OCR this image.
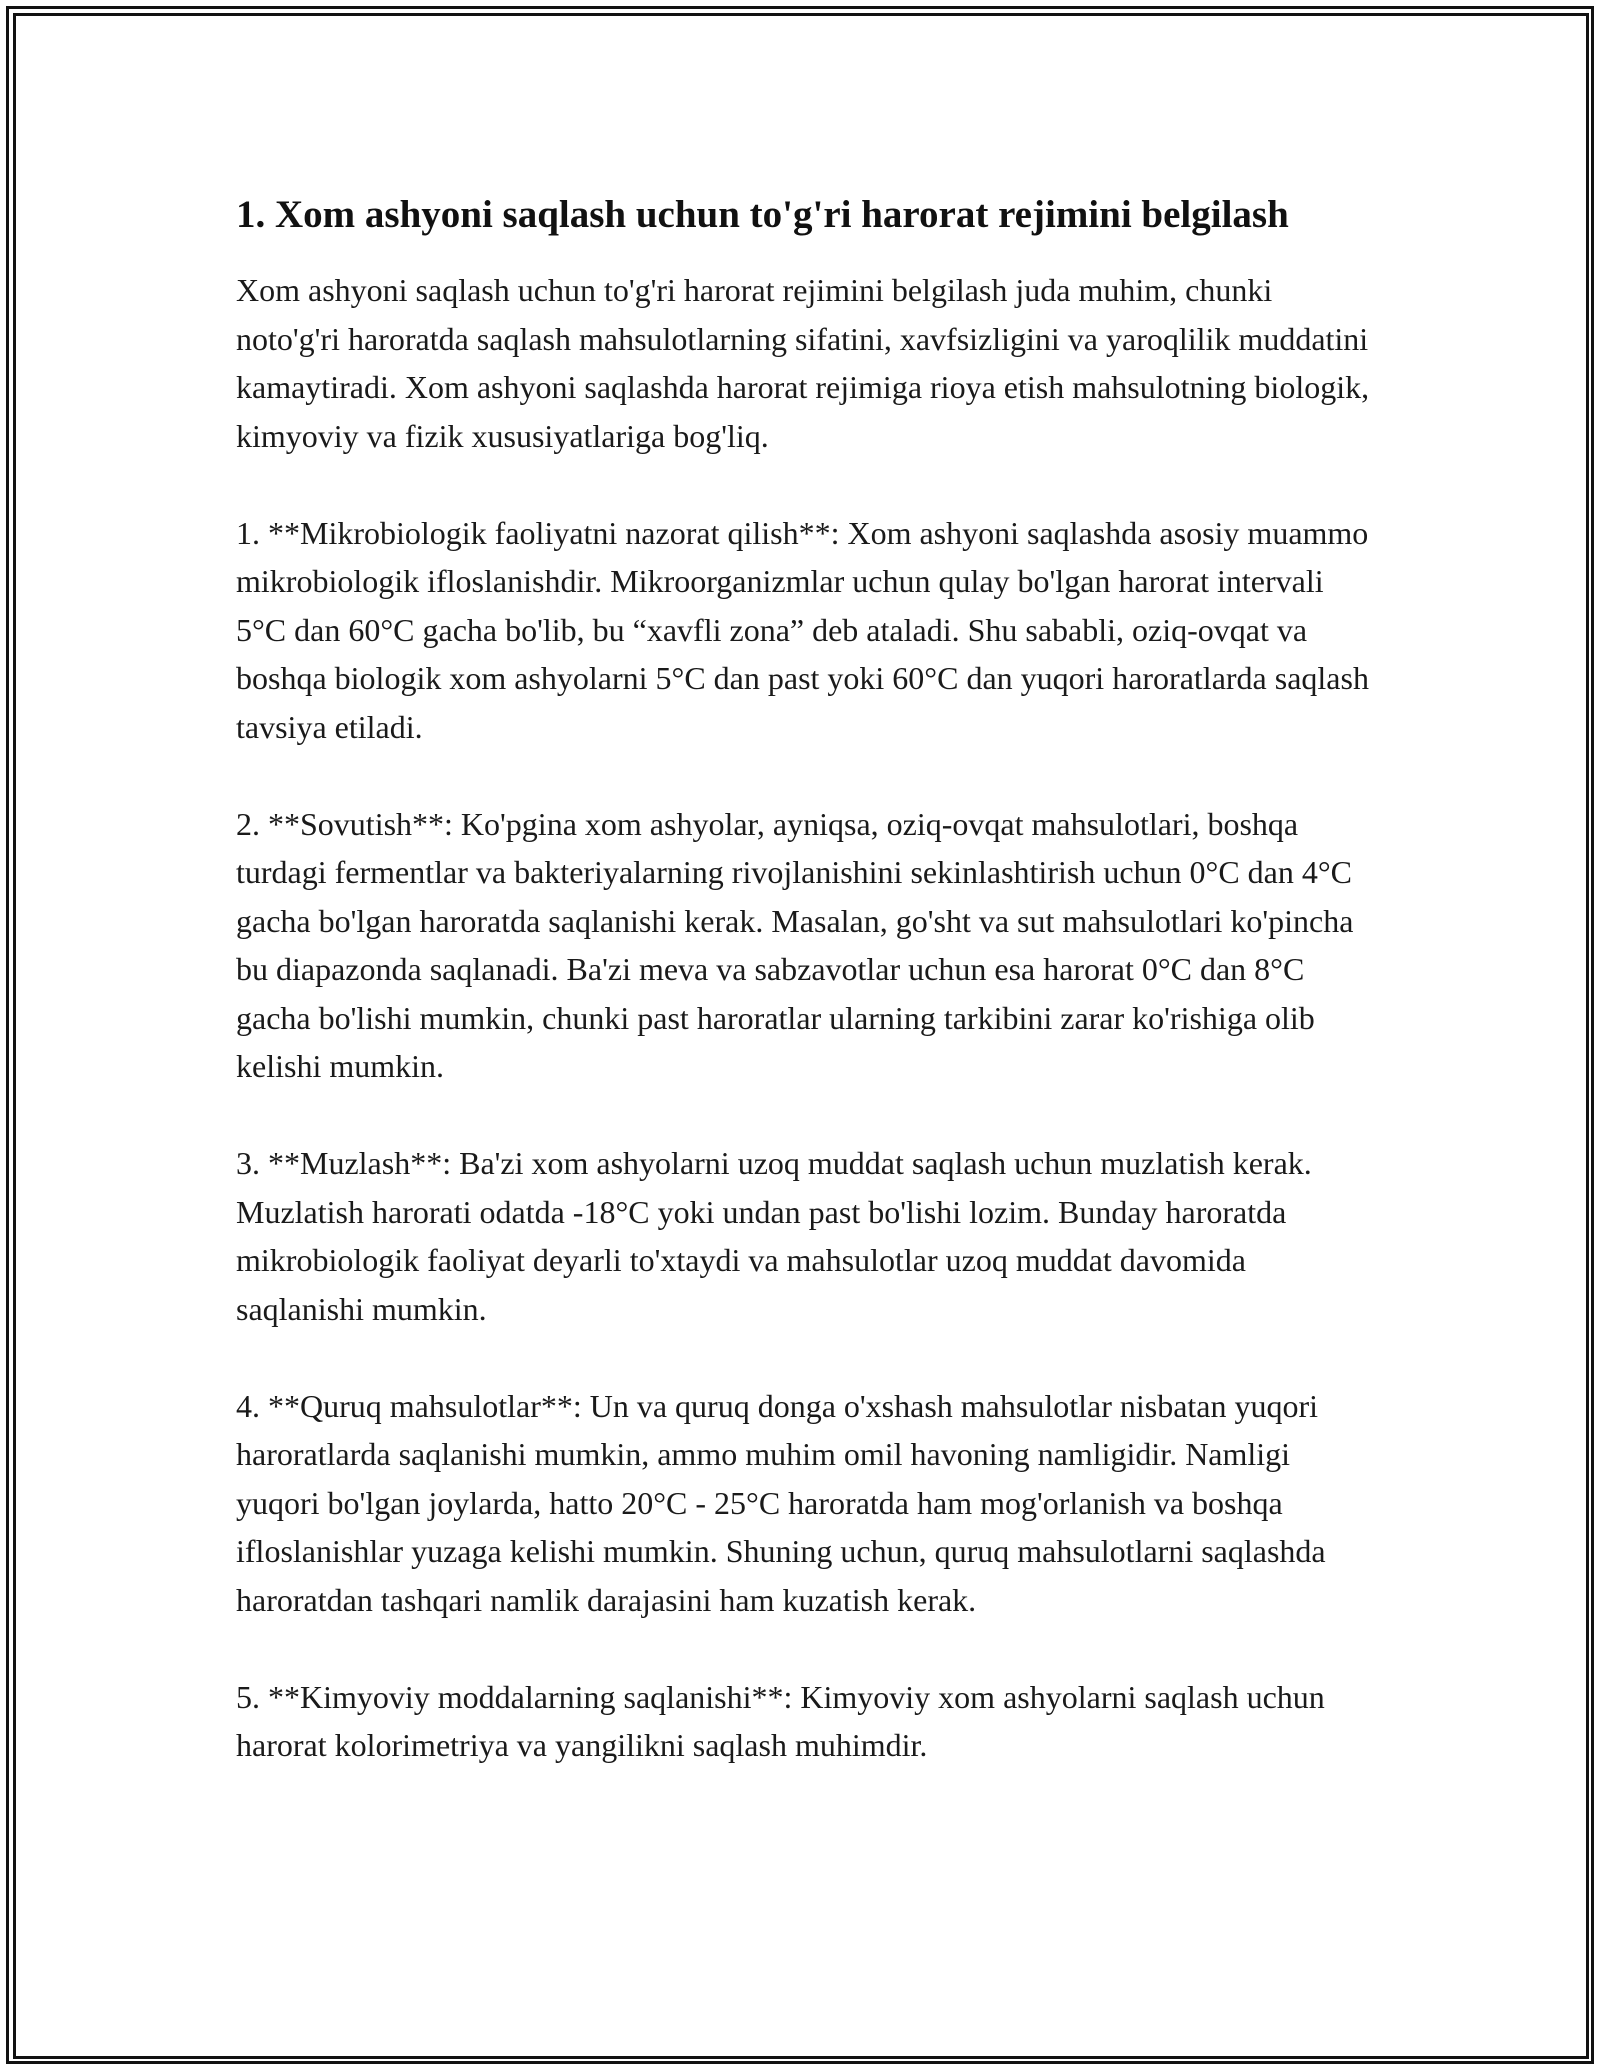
1. Xom ashyoni saqlash uchun to'g'ri harorat rejimini belgilash

Xom ashyoni saqlash uchun to'g'ri harorat rejimini belgilash juda muhim, chunki noto'g'ri haroratda saqlash mahsulotlarning sifatini, xavfsizligini va yaroqlilik muddatini kamaytiradi. Xom ashyoni saqlashda harorat rejimiga rioya etish mahsulotning biologik, kimyoviy va fizik xususiyatlariga bog'liq.

1. **Mikrobiologik faoliyatni nazorat qilish**: Xom ashyoni saqlashda asosiy muammo mikrobiologik ifloslanishdir. Mikroorganizmlar uchun qulay bo'lgan harorat intervali 5°C dan 60°C gacha bo'lib, bu “xavfli zona” deb ataladi. Shu sababli, oziq-ovqat va boshqa biologik xom ashyolarni 5°C dan past yoki 60°C dan yuqori haroratlarda saqlash tavsiya etiladi.

2. **Sovutish**: Ko'pgina xom ashyolar, ayniqsa, oziq-ovqat mahsulotlari, boshqa turdagi fermentlar va bakteriyalarning rivojlanishini sekinlashtirish uchun 0°C dan 4°C gacha bo'lgan haroratda saqlanishi kerak. Masalan, go'sht va sut mahsulotlari ko'pincha bu diapazonda saqlanadi. Ba'zi meva va sabzavotlar uchun esa harorat 0°C dan 8°C gacha bo'lishi mumkin, chunki past haroratlar ularning tarkibini zarar ko'rishiga olib kelishi mumkin.

3. **Muzlash**: Ba'zi xom ashyolarni uzoq muddat saqlash uchun muzlatish kerak. Muzlatish harorati odatda -18°C yoki undan past bo'lishi lozim. Bunday haroratda mikrobiologik faoliyat deyarli to'xtaydi va mahsulotlar uzoq muddat davomida saqlanishi mumkin.

4. **Quruq mahsulotlar**: Un va quruq donga o'xshash mahsulotlar nisbatan yuqori haroratlarda saqlanishi mumkin, ammo muhim omil havoning namligidir. Namligi yuqori bo'lgan joylarda, hatto 20°C - 25°C haroratda ham mog'orlanish va boshqa ifloslanishlar yuzaga kelishi mumkin. Shuning uchun, quruq mahsulotlarni saqlashda haroratdan tashqari namlik darajasini ham kuzatish kerak.

5. **Kimyoviy moddalarning saqlanishi**: Kimyoviy xom ashyolarni saqlash uchun harorat kolorimetriya va yangilikni saqlash muhimdir.
